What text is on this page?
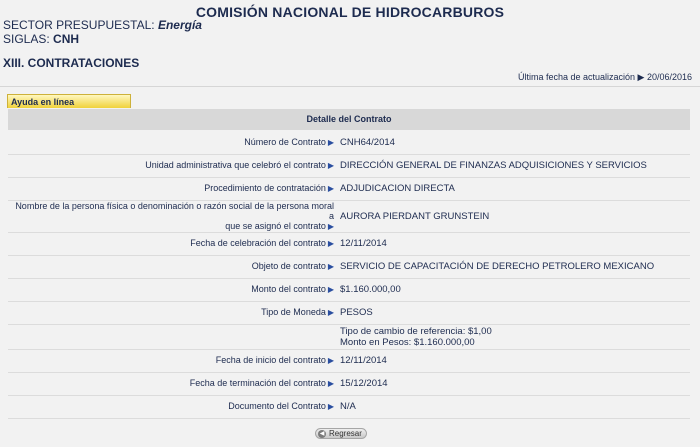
COMISIÓN NACIONAL DE HIDROCARBUROS
SECTOR PRESUPUESTAL: Energía
SIGLAS: CNH
XIII. CONTRATACIONES
Última fecha de actualización ▶ 20/06/2016
Ayuda en línea
Detalle del Contrato
Número de Contrato ▶	CNH64/2014
Unidad administrativa que celebró el contrato ▶	DIRECCIÓN GENERAL DE FINANZAS ADQUISICIONES Y SERVICIOS
Procedimiento de contratación ▶	ADJUDICACION DIRECTA
Nombre de la persona física o denominación o razón social de la persona moral a
que se asignó el contrato ▶	AURORA PIERDANT GRUNSTEIN
Fecha de celebración del contrato ▶	12/11/2014
Objeto de contrato ▶	SERVICIO DE CAPACITACIÓN DE DERECHO PETROLERO MEXICANO
Monto del contrato ▶	$1.160.000,00
Tipo de Moneda ▶	PESOS

	Tipo de cambio de referencia: $1,00
Monto en Pesos: $1.160.000,00

Fecha de inicio del contrato ▶	12/11/2014
Fecha de terminación del contrato ▶	15/12/2014
Documento del Contrato ▶	N/A
◀ Regresar
